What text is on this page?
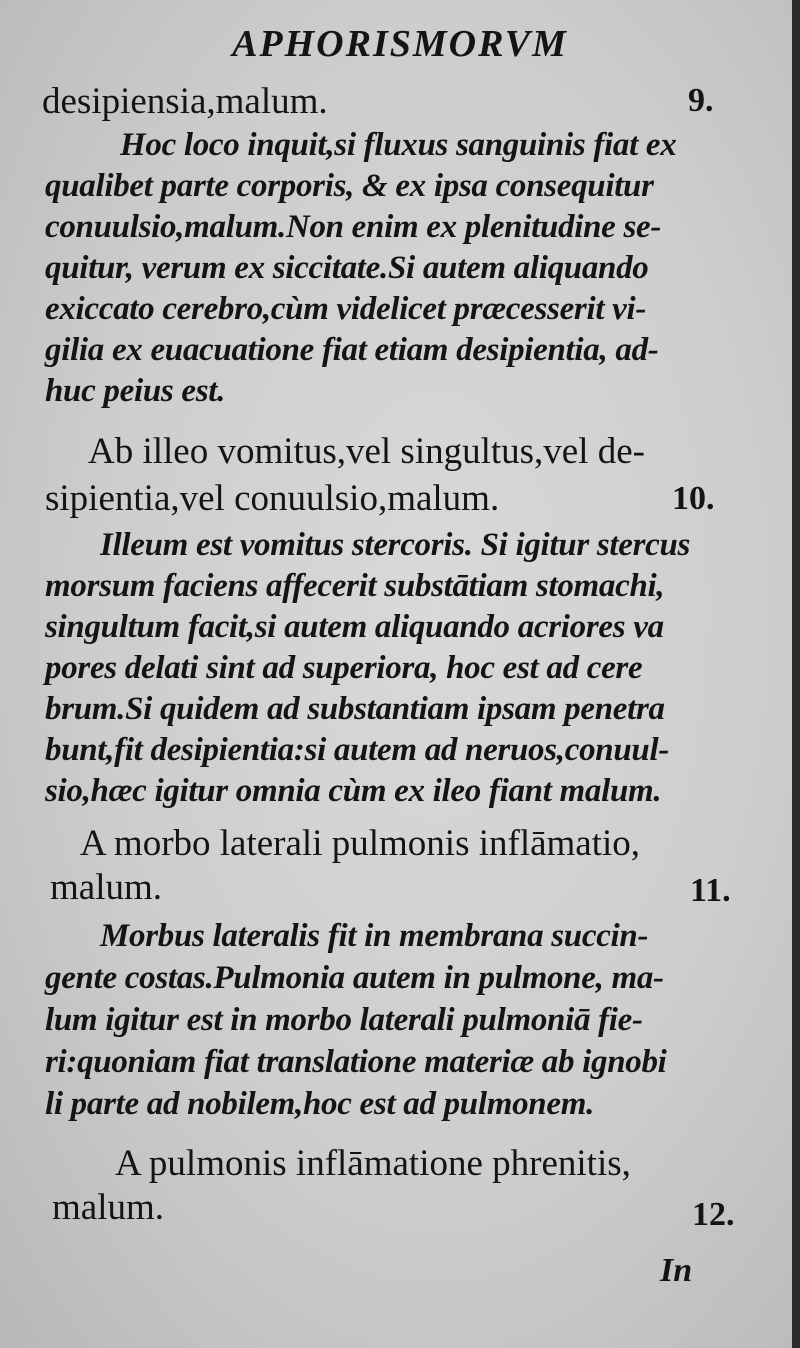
APHORISMORVM
9.
desipiensia,malum.
Hoc loco inquit,si fluxus sanguinis fiat ex
qualibet parte corporis, & ex ipsa consequitur
conuulsio,malum.Non enim ex plenitudine se-
quitur, verum ex siccitate.Si autem aliquando
exiccato cerebro,cùm videlicet præcesserit vi-
gilia ex euacuatione fiat etiam desipientia, ad-
huc peius est.
Ab illeo vomitus,vel singultus,vel de-
sipientia,vel conuulsio,malum.	10.
Illeum est vomitus stercoris. Si igitur stercus
morsum faciens affecerit substātiam stomachi,
singultum facit,si autem aliquando acriores va
pores delati sint ad superiora, hoc est ad cere
brum.Si quidem ad substantiam ipsam penetra
bunt,fit desipientia:si autem ad neruos,conuul-
sio,hæc igitur omnia cùm ex ileo fiant malum.
A morbo laterali pulmonis inflāmatio,
malum.	11.
Morbus lateralis fit in membrana succin-
gente costas.Pulmonia autem in pulmone, ma-
lum igitur est in morbo laterali pulmoniā fie-
ri:quoniam fiat translatione materiæ ab ignobi
li parte ad nobilem,hoc est ad pulmonem.
A pulmonis inflāmatione phrenitis,
malum.	12.
In
